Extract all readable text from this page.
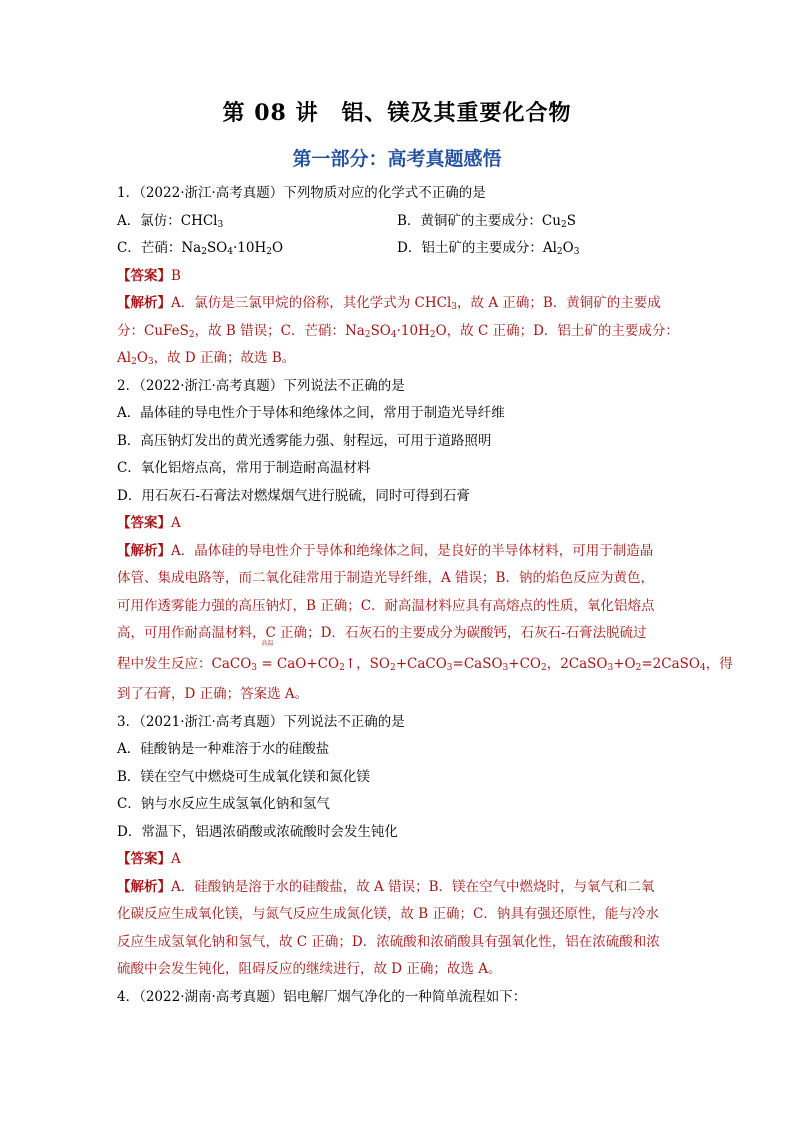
第 08 讲　铝、镁及其重要化合物
第一部分：高考真题感悟
1．（2022·浙江·高考真题）下列物质对应的化学式不正确的是
A．氯仿：CHCl$_3$	B．黄铜矿的主要成分：$Cu_2S$
C．芒硝：$Na_2SO_4\cdot 10H_2O$	D．铝土矿的主要成分：$Al_2O_3$
【答案】B
【解析】A．氯仿是三氯甲烷的俗称，其化学式为 CHCl$_3$，故 A 正确；B．黄铜矿的主要成
分：CuFeS$_2$，故 B 错误；C．芒硝：$Na_2SO_4\cdot 10H_2O$，故 C 正确；D．铝土矿的主要成分：
$Al_2O_3$，故 D 正确；故选 B。
2．（2022·浙江·高考真题）下列说法不正确的是
A．晶体硅的导电性介于导体和绝缘体之间，常用于制造光导纤维
B．高压钠灯发出的黄光透雾能力强、射程远，可用于道路照明
C．氧化铝熔点高，常用于制造耐高温材料
D．用石灰石-石膏法对燃煤烟气进行脱硫，同时可得到石膏
【答案】A
【解析】A．晶体硅的导电性介于导体和绝缘体之间，是良好的半导体材料，可用于制造晶
体管、集成电路等，而二氧化硅常用于制造光导纤维，A 错误；B．钠的焰色反应为黄色，
可用作透雾能力强的高压钠灯，B 正确；C．耐高温材料应具有高熔点的性质，氧化铝熔点
高，可用作耐高温材料，C 正确；D．石灰石的主要成分为碳酸钙，石灰石-石膏法脱硫过
程中发生反应：CaCO$_3$
高温
= $CaO+CO_2↑$，$SO_2+CaCO_3=CaSO_3+CO_2$，$2CaSO_3+O_2=2CaSO_4$，得
到了石膏，D 正确；答案选 A。
3．（2021·浙江·高考真题）下列说法不正确的是
A．硅酸钠是一种难溶于水的硅酸盐
B．镁在空气中燃烧可生成氧化镁和氮化镁
C．钠与水反应生成氢氧化钠和氢气
D．常温下，铝遇浓硝酸或浓硫酸时会发生钝化
【答案】A
【解析】A．硅酸钠是溶于水的硅酸盐，故 A 错误；B．镁在空气中燃烧时，与氧气和二氧
化碳反应生成氧化镁，与氮气反应生成氮化镁，故 B 正确；C．钠具有强还原性，能与冷水
反应生成氢氧化钠和氢气，故 C 正确；D．浓硫酸和浓硝酸具有强氧化性，铝在浓硫酸和浓
硫酸中会发生钝化，阻碍反应的继续进行，故 D 正确；故选 A。
4．（2022·湖南·高考真题）铝电解厂烟气净化的一种简单流程如下：
